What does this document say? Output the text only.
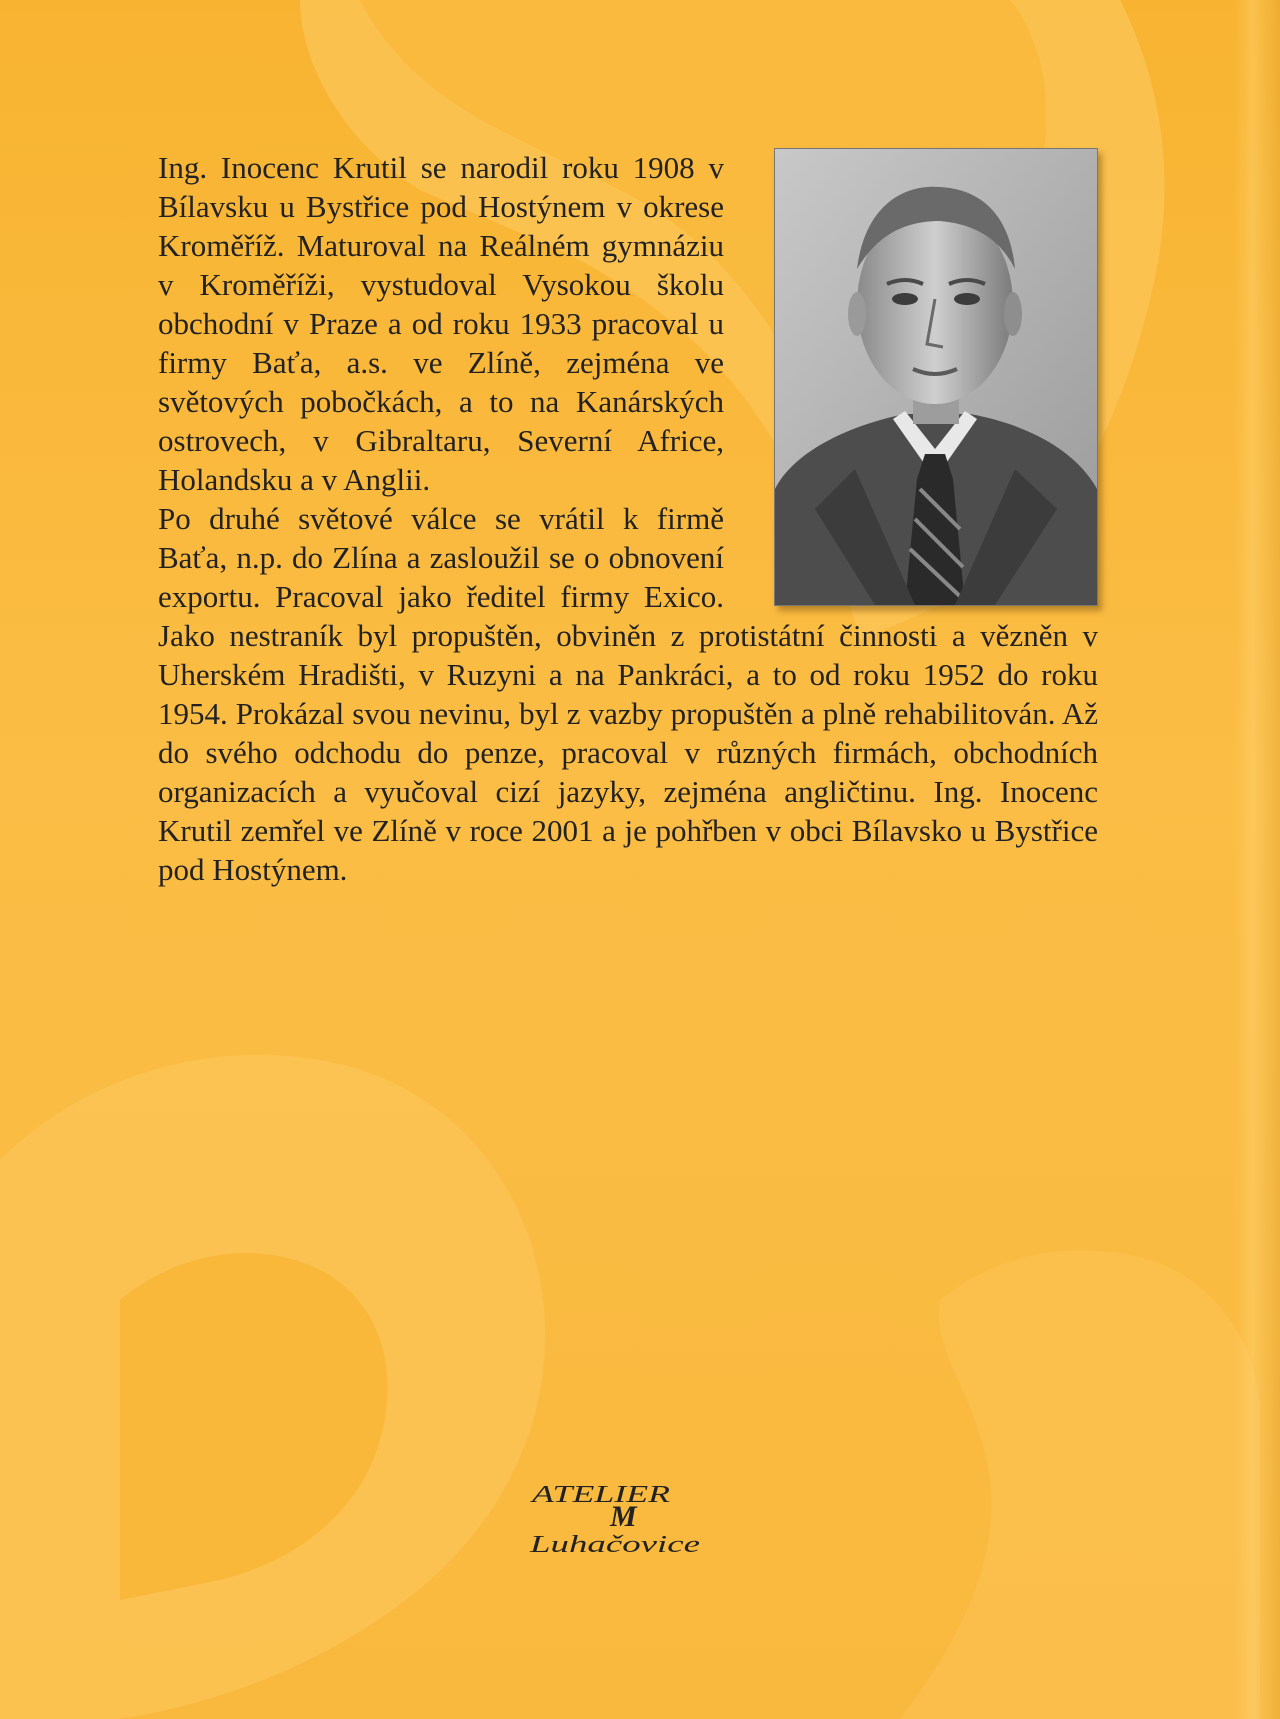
Ing. Inocenc Krutil se narodil roku 1908 v Bílavsku u Bystřice pod Hostýnem v okrese Kroměříž. Maturoval na Reálném gymnáziu v Kroměříži, vystudoval Vysokou školu obchodní v Praze a od roku 1933 pracoval u firmy Baťa, a.s. ve Zlíně, zejména ve světových pobočkách, a to na Kanárských ostrovech, v Gibraltaru, Severní Africe, Holandsku a v Anglii.

Po druhé světové válce se vrátil k firmě Baťa, n.p. do Zlína a zasloužil se o obnovení exportu. Pracoval jako ředitel firmy Exico. Jako nestraník byl propuštěn, obviněn z protistátní činnosti a vězněn v Uherském Hradišti, v Ruzyni a na Pankráci, a to od roku 1952 do roku 1954. Prokázal svou nevinu, byl z vazby propuštěn a plně rehabilitován. Až do svého odchodu do penze, pracoval v různých firmách, obchodních organizacích a vyučoval cizí jazyky, zejména angličtinu. Ing. Inocenc Krutil zemřel ve Zlíně v roce 2001 a je pohřben v obci Bílavsko u Bystřice pod Hostýnem.

ATELIER
M
Luhačovice
